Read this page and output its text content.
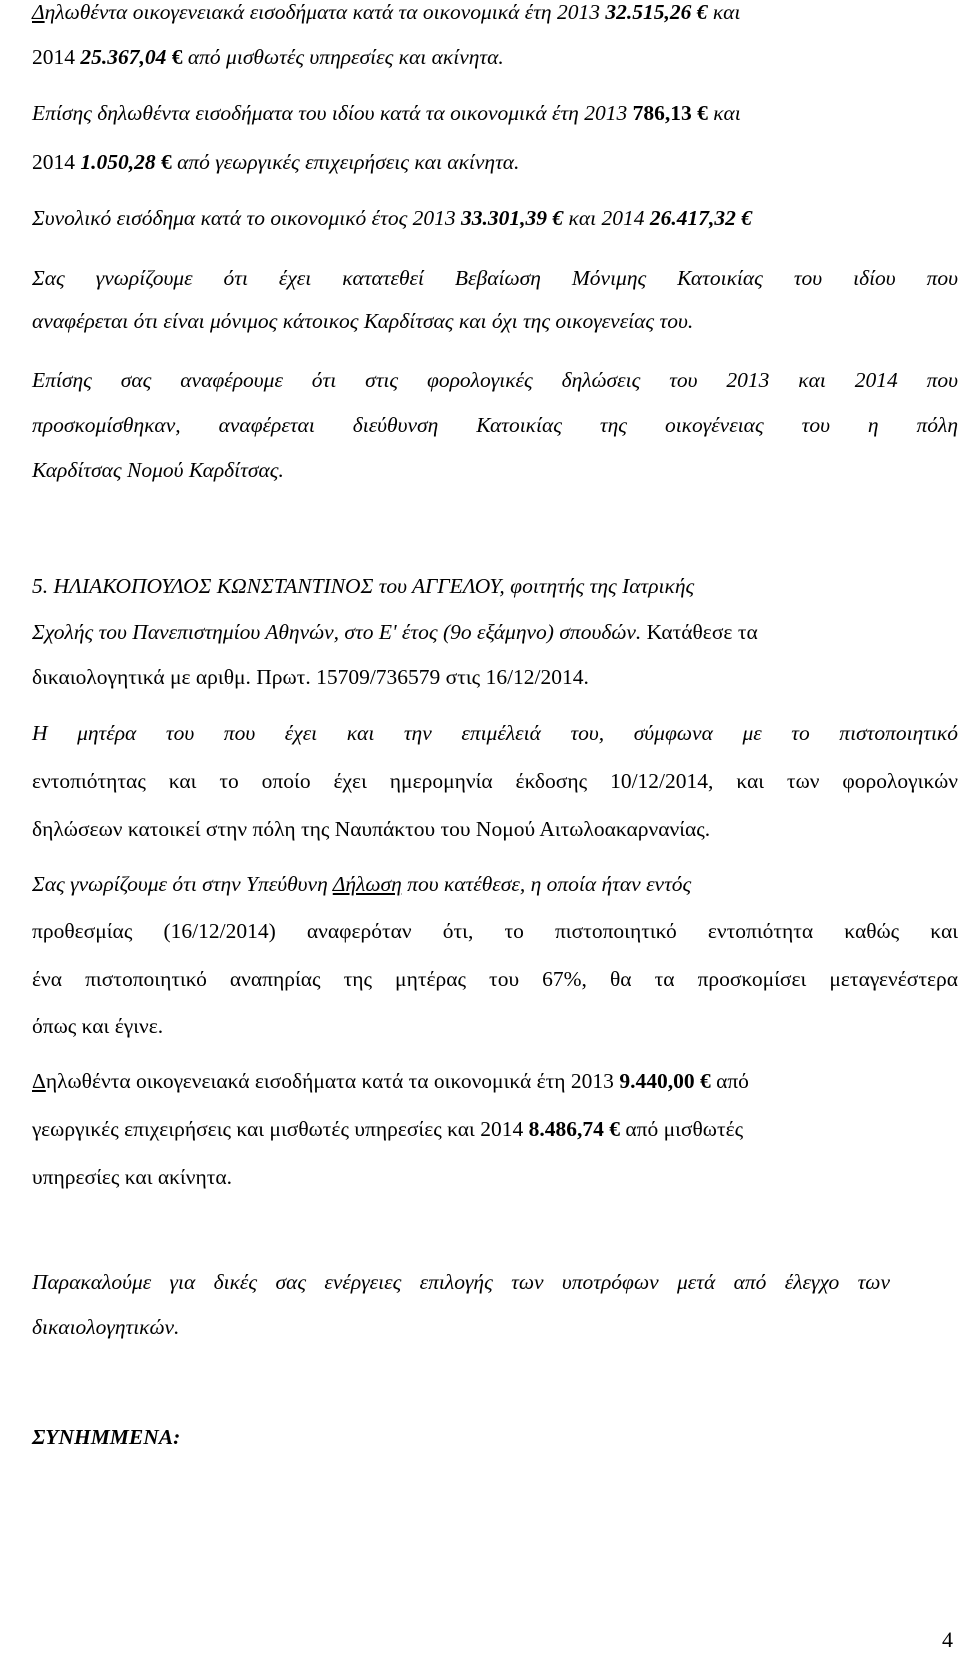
Δηλωθέντα οικογενειακά εισοδήματα κατά τα οικονομικά έτη 2013 32.515,26 € και
2014 25.367,04 € από μισθωτές υπηρεσίες και ακίνητα.
Επίσης δηλωθέντα εισοδήματα του ιδίου κατά τα οικονομικά έτη 2013 786,13 € και
2014 1.050,28 € από γεωργικές επιχειρήσεις και ακίνητα.
Συνολικό εισόδημα κατά το οικονομικό έτος 2013 33.301,39 € και 2014 26.417,32 €
Σας γνωρίζουμε ότι έχει κατατεθεί Βεβαίωση Μόνιμης Κατοικίας του ιδίου που
αναφέρεται ότι είναι μόνιμος κάτοικος Καρδίτσας και όχι της οικογενείας του.
Επίσης σας αναφέρουμε ότι στις φορολογικές δηλώσεις του 2013 και 2014 που
προσκομίσθηκαν, αναφέρεται διεύθυνση Κατοικίας της οικογένειας του η πόλη
Καρδίτσας Νομού Καρδίτσας.
5. ΗΛΙΑΚΟΠΟΥΛΟΣ ΚΩΝΣΤΑΝΤΙΝΟΣ του ΑΓΓΕΛΟΥ, φοιτητής της Ιατρικής
Σχολής του Πανεπιστημίου Αθηνών, στο Ε' έτος (9ο εξάμηνο) σπουδών. Κατάθεσε τα
δικαιολογητικά με αριθμ. Πρωτ. 15709/736579 στις 16/12/2014.
Η μητέρα του που έχει και την επιμέλειά του, σύμφωνα με το πιστοποιητικό
εντοπιότητας και το οποίο έχει ημερομηνία έκδοσης 10/12/2014, και των φορολογικών
δηλώσεων κατοικεί στην πόλη της Ναυπάκτου του Νομού Αιτωλοακαρνανίας.
Σας γνωρίζουμε ότι στην Υπεύθυνη Δήλωση που κατέθεσε, η οποία ήταν εντός
προθεσμίας (16/12/2014) αναφερόταν ότι, το πιστοποιητικό εντοπιότητα καθώς και
ένα πιστοποιητικό αναπηρίας της μητέρας του 67%, θα τα προσκομίσει μεταγενέστερα
όπως και έγινε.
Δηλωθέντα οικογενειακά εισοδήματα κατά τα οικονομικά έτη 2013 9.440,00 € από
γεωργικές επιχειρήσεις και μισθωτές υπηρεσίες και 2014 8.486,74 € από μισθωτές
υπηρεσίες και ακίνητα.
Παρακαλούμε για δικές σας ενέργειες επιλογής των υποτρόφων μετά από έλεγχο των
δικαιολογητικών.
ΣΥΝΗΜΜΕΝΑ:
4
